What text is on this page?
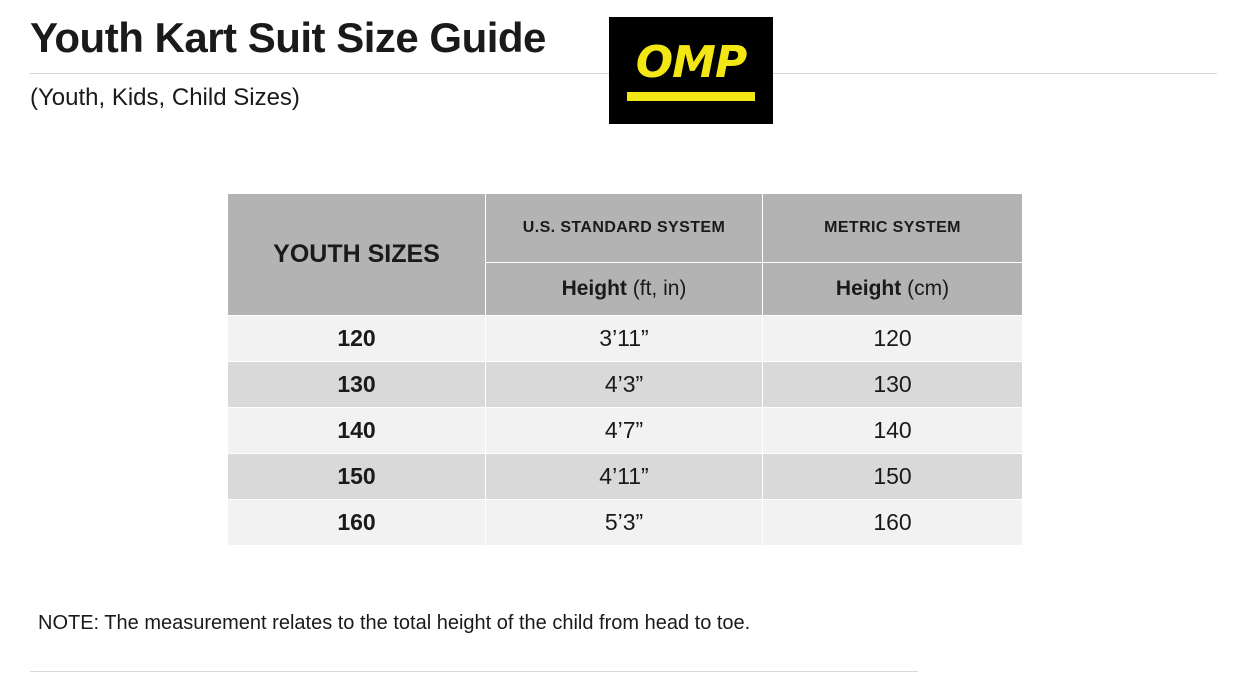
Youth Kart Suit Size Guide
(Youth, Kids, Child Sizes)
OMP
YOUTH SIZES	U.S. STANDARD SYSTEM	METRIC SYSTEM
	Height (ft, in)	Height (cm)
120	3’11”	120
130	4’3”	130
140	4’7”	140
150	4’11”	150
160	5’3”	160
NOTE: The measurement relates to the total height of the child from head to toe.
